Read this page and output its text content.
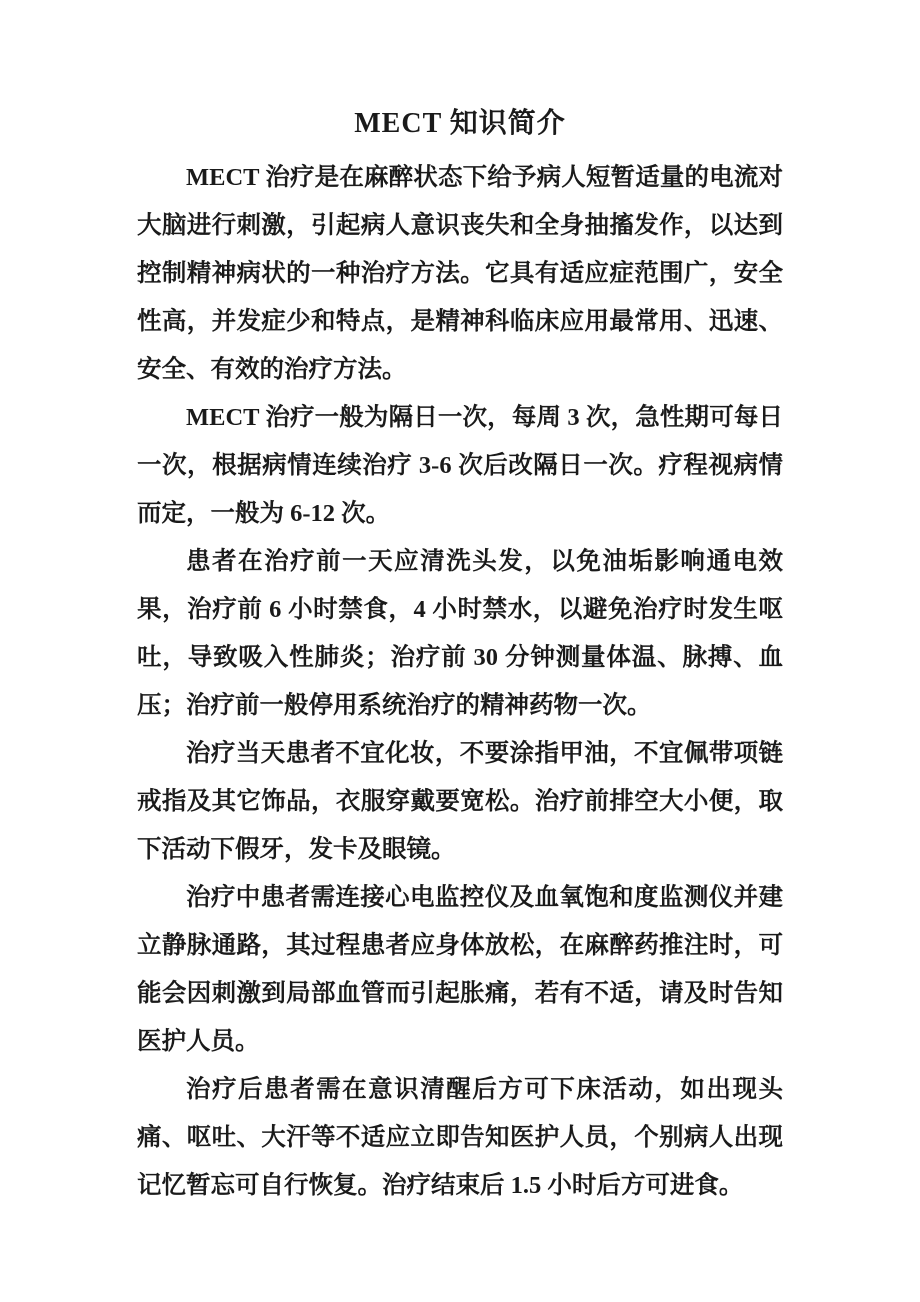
MECT 知识简介

MECT 治疗是在麻醉状态下给予病人短暂适量的电流对大脑进行刺激，引起病人意识丧失和全身抽搐发作，以达到控制精神病状的一种治疗方法。它具有适应症范围广，安全性高，并发症少和特点，是精神科临床应用最常用、迅速、安全、有效的治疗方法。

MECT 治疗一般为隔日一次，每周 3 次，急性期可每日一次，根据病情连续治疗 3-6 次后改隔日一次。疗程视病情而定，一般为 6-12 次。

患者在治疗前一天应清洗头发，以免油垢影响通电效果，治疗前 6 小时禁食，4 小时禁水，以避免治疗时发生呕吐，导致吸入性肺炎；治疗前 30 分钟测量体温、脉搏、血压；治疗前一般停用系统治疗的精神药物一次。

治疗当天患者不宜化妆，不要涂指甲油，不宜佩带项链戒指及其它饰品，衣服穿戴要宽松。治疗前排空大小便，取下活动下假牙，发卡及眼镜。

治疗中患者需连接心电监控仪及血氧饱和度监测仪并建立静脉通路，其过程患者应身体放松，在麻醉药推注时，可能会因刺激到局部血管而引起胀痛，若有不适，请及时告知医护人员。

治疗后患者需在意识清醒后方可下床活动，如出现头痛、呕吐、大汗等不适应立即告知医护人员，个别病人出现记忆暂忘可自行恢复。治疗结束后 1.5 小时后方可进食。
